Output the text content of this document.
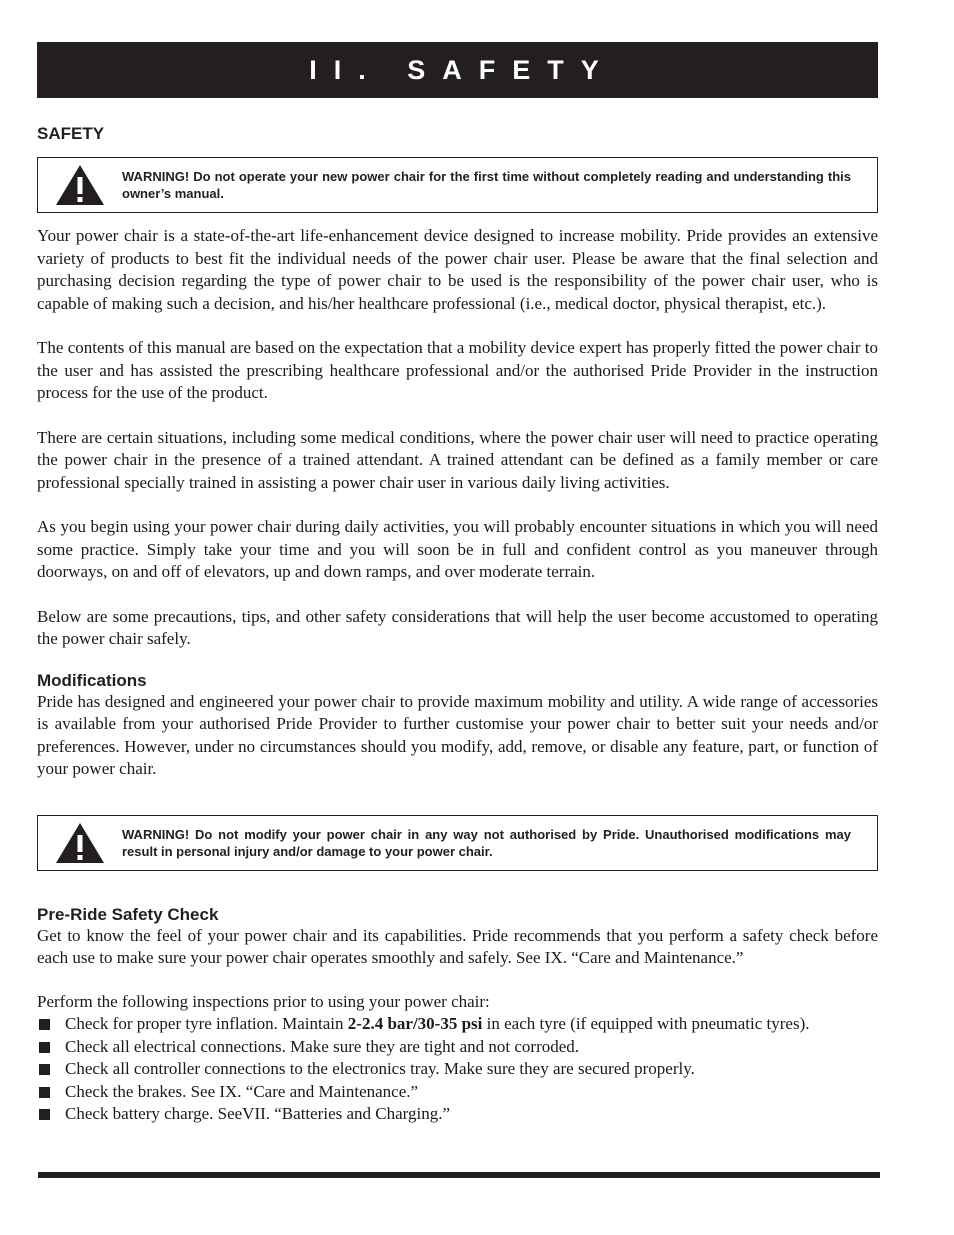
II. SAFETY
SAFETY
WARNING! Do not operate your new power chair for the first time without completely reading and understanding this owner’s manual.

Your power chair is a state-of-the-art life-enhancement device designed to increase mobility. Pride provides an extensive variety of products to best fit the individual needs of the power chair user. Please be aware that the final selection and purchasing decision regarding the type of power chair to be used is the responsibility of the power chair user, who is capable of making such a decision, and his/her healthcare professional (i.e., medical doctor, physical therapist, etc.).

The contents of this manual are based on the expectation that a mobility device expert has properly fitted the power chair to the user and has assisted the prescribing healthcare professional and/or the authorised Pride Provider in the instruction process for the use of the product.

There are certain situations, including some medical conditions, where the power chair user will need to practice operating the power chair in the presence of a trained attendant. A trained attendant can be defined as a family member or care professional specially trained in assisting a power chair user in various daily living activities.

As you begin using your power chair during daily activities, you will probably encounter situations in which you will need some practice. Simply take your time and you will soon be in full and confident control as you maneuver through doorways, on and off of elevators, up and down ramps, and over moderate terrain.

Below are some precautions, tips, and other safety considerations that will help the user become accustomed to operating the power chair safely.

Modifications

Pride has designed and engineered your power chair to provide maximum mobility and utility. A wide range of accessories is available from your authorised Pride Provider to further customise your power chair to better suit your needs and/or preferences. However, under no circumstances should you modify, add, remove, or disable any feature, part, or function of your power chair.

WARNING! Do not modify your power chair in any way not authorised by Pride. Unauthorised modifications may result in personal injury and/or damage to your power chair.
Pre-Ride Safety Check

Get to know the feel of your power chair and its capabilities. Pride recommends that you perform a safety check before each use to make sure your power chair operates smoothly and safely. See IX. “Care and Maintenance.”

Perform the following inspections prior to using your power chair:

Check for proper tyre inflation. Maintain 2-2.4 bar/30-35 psi in each tyre (if equipped with pneumatic tyres).
Check all electrical connections. Make sure they are tight and not corroded.
Check all controller connections to the electronics tray. Make sure they are secured properly.
Check the brakes. See IX. “Care and Maintenance.”
Check battery charge. SeeVII. “Batteries and Charging.”
